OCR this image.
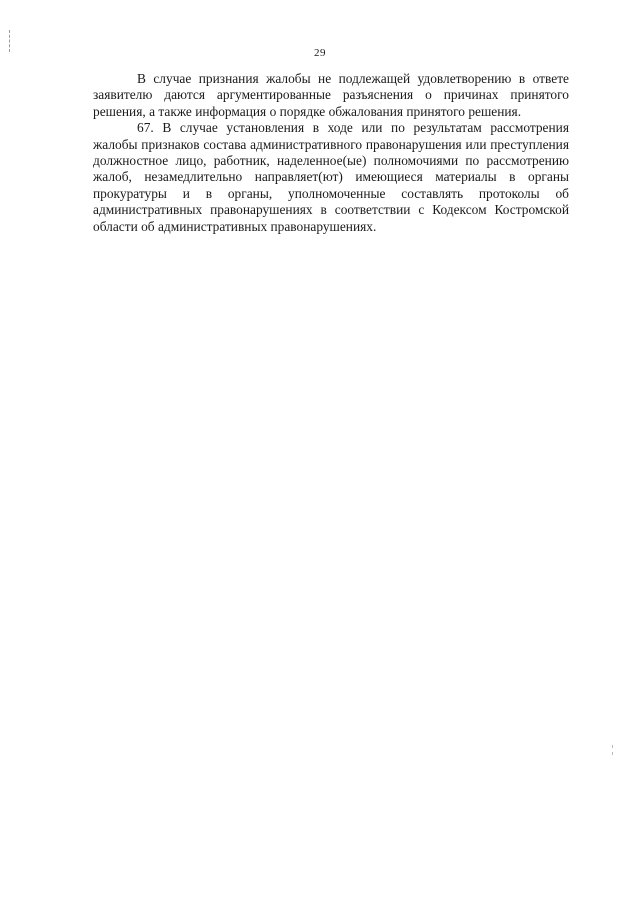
29

В случае признания жалобы не подлежащей удовлетворению в ответе заявителю даются аргументированные разъяснения о причинах принятого решения, а также информация о порядке обжалования принятого решения.

67. В случае установления в ходе или по результатам рассмотрения жалобы признаков состава административного правонарушения или преступления должностное лицо, работник, наделенное(ые) полномочиями по рассмотрению жалоб, незамедлительно направляет(ют) имеющиеся материалы в органы прокуратуры и в органы, уполномоченные составлять протоколы об административных правонарушениях в соответствии с Кодексом Костромской области об административных правонарушениях.
